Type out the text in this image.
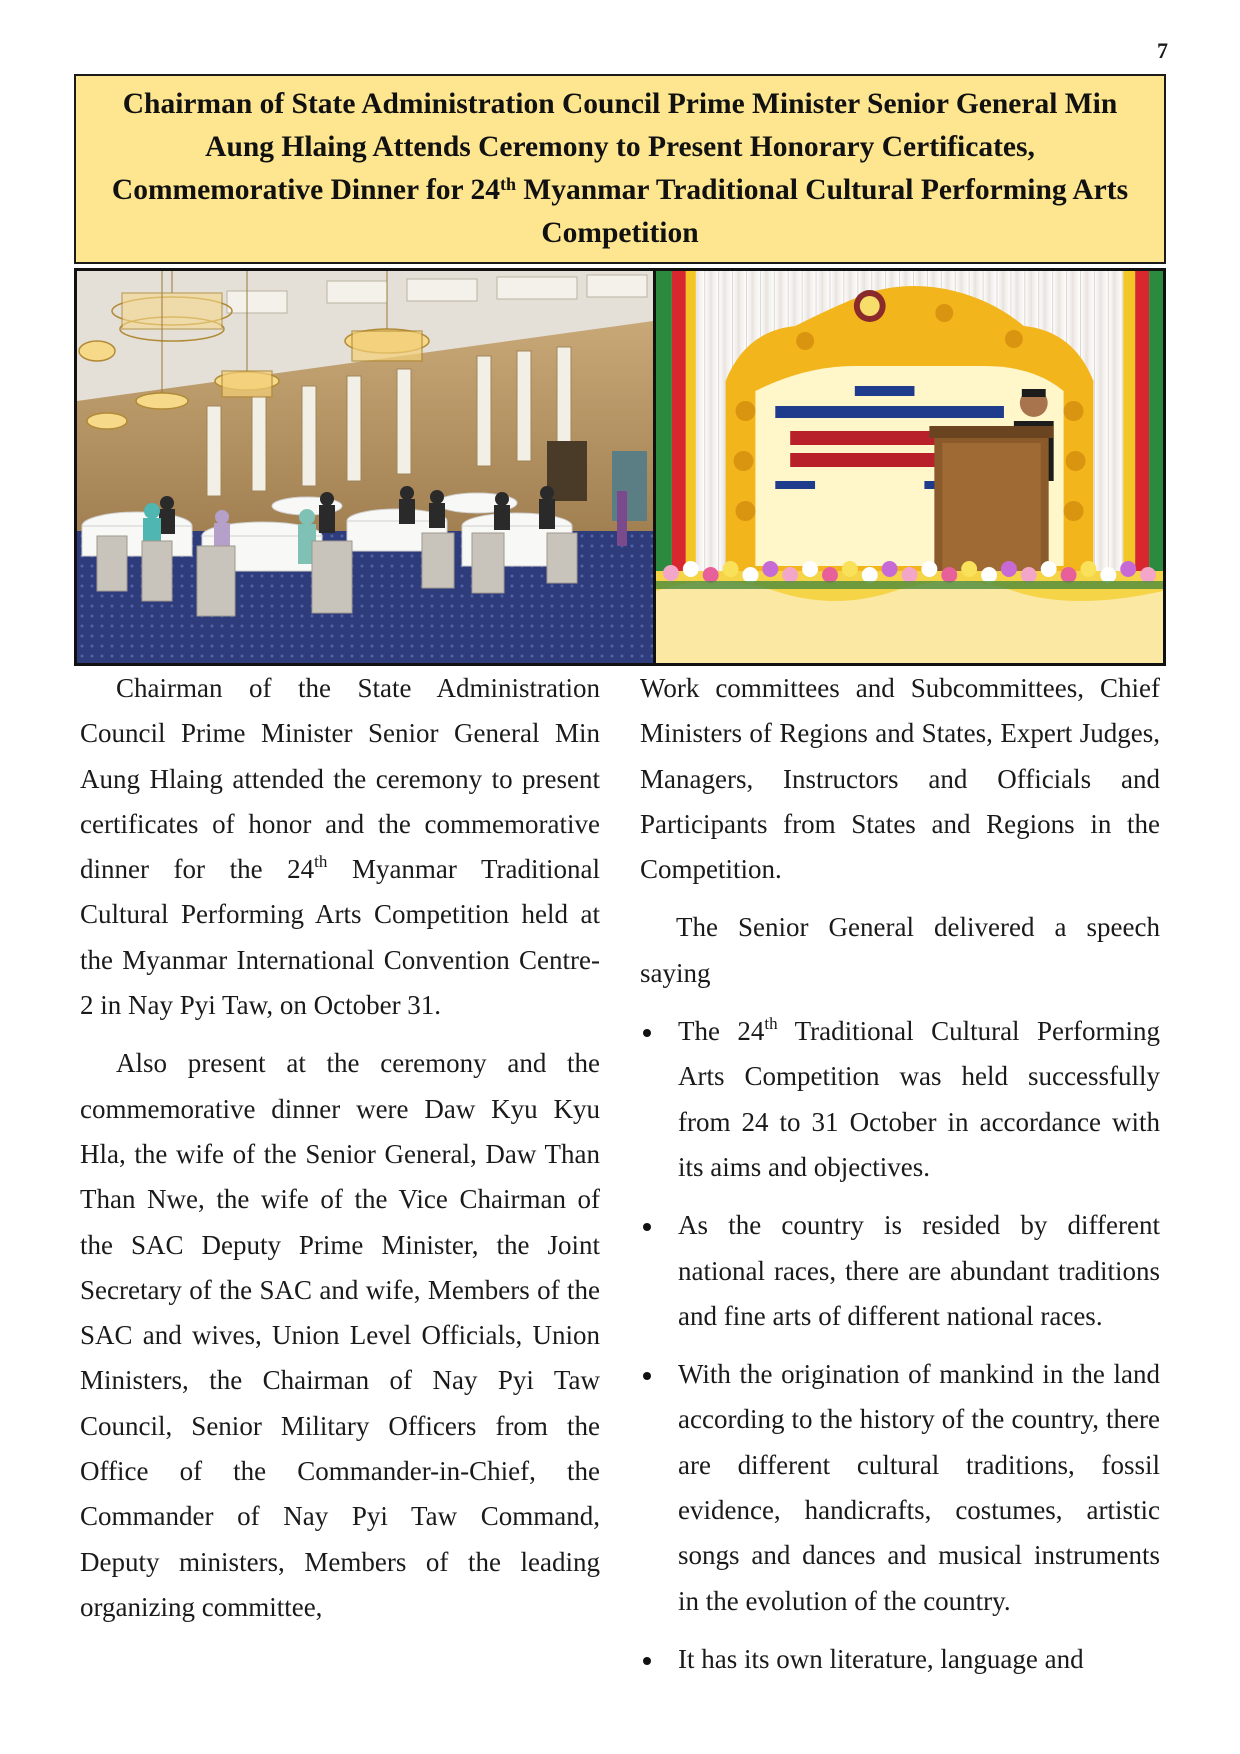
7
Chairman of State Administration Council Prime Minister Senior General Min Aung Hlaing Attends Ceremony to Present Honorary Certificates, Commemorative Dinner for 24th Myanmar Traditional Cultural Performing Arts Competition

Chairman of the State Administration Council Prime Minister Senior General Min Aung Hlaing attended the ceremony to present certificates of honor and the commemorative dinner for the 24th Myanmar Traditional Cultural Performing Arts Competition held at the Myanmar International Convention Centre-2 in Nay Pyi Taw, on October 31.

Also present at the ceremony and the commemorative dinner were Daw Kyu Kyu Hla, the wife of the Senior General, Daw Than Than Nwe, the wife of the Vice Chairman of the SAC Deputy Prime Minister, the Joint Secretary of the SAC and wife, Members of the SAC and wives, Union Level Officials, Union Ministers, the Chairman of Nay Pyi Taw Council, Senior Military Officers from the Office of the Commander-in-Chief, the Commander of Nay Pyi Taw Command, Deputy ministers, Members of the leading organizing committee,

Work committees and Subcommittees, Chief Ministers of Regions and States, Expert Judges, Managers, Instructors and Officials and Participants from States and Regions in the Competition.

The Senior General delivered a speech saying

The 24th Traditional Cultural Performing Arts Competition was held successfully from 24 to 31 October in accordance with its aims and objectives.
As the country is resided by different national races, there are abundant traditions and fine arts of different national races.
With the origination of mankind in the land according to the history of the country, there are different cultural traditions, fossil evidence, handicrafts, costumes, artistic songs and dances and musical instruments in the evolution of the country.
It has its own literature, language and
